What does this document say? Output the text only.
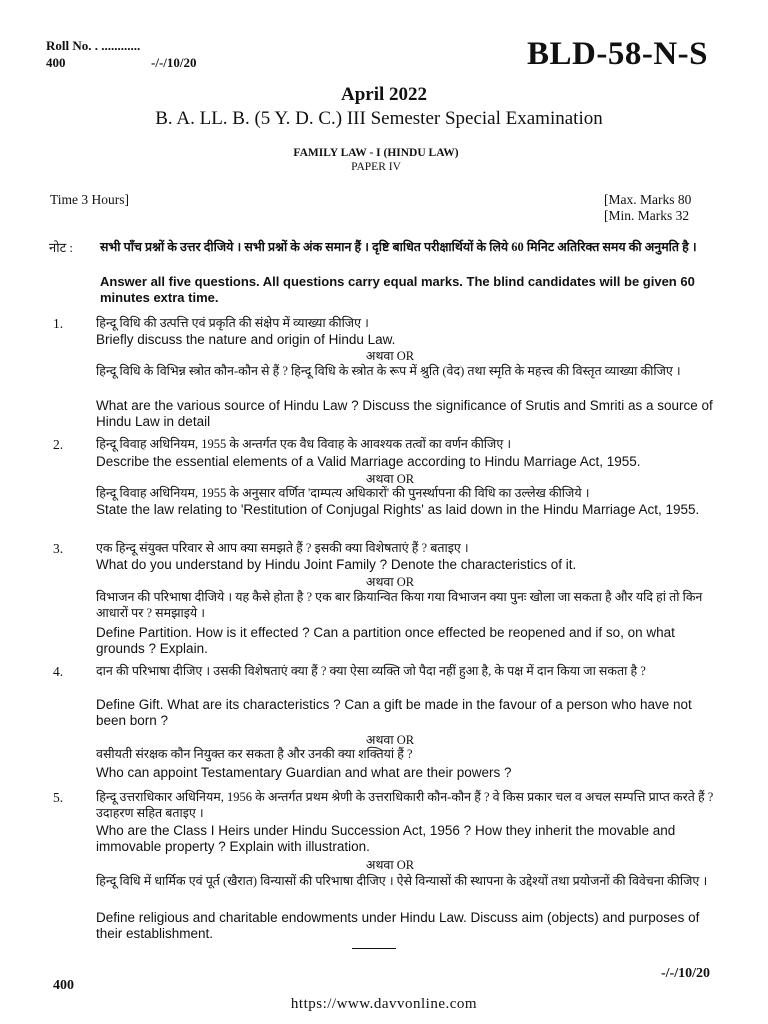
Roll No. . ............
400	-/-/10/20	BLD-58-N-S
April 2022
B. A. LL. B. (5 Y. D. C.) III Semester Special Examination
FAMILY LAW - I (HINDU LAW)
PAPER IV
Time 3 Hours]	[Max. Marks 80
[Min. Marks 32
नोट : सभी पाँच प्रश्नों के उत्तर दीजिये । सभी प्रश्नों के अंक समान हैं । दृष्टि बाधित परीक्षार्थियों के लिये 60 मिनिट अतिरिक्त समय की अनुमति है ।
Answer all five questions. All questions carry equal marks. The blind candidates will be given 60 minutes extra time.
1.	हिन्दू विधि की उत्पत्ति एवं प्रकृति की संक्षेप में व्याख्या कीजिए ।
Briefly discuss the nature and origin of Hindu Law.
अथवा OR
हिन्दू विधि के विभिन्न स्त्रोत कौन-कौन से हैं ? हिन्दू विधि के स्त्रोत के रूप में श्रुति (वेद) तथा स्मृति के महत्त्व की विस्तृत व्याख्या कीजिए ।
What are the various source of Hindu Law ? Discuss the significance of Srutis and Smriti as a source of Hindu Law in detail
2.	हिन्दू विवाह अधिनियम, 1955 के अन्तर्गत एक वैध विवाह के आवश्यक तत्वों का वर्णन कीजिए ।
Describe the essential elements of a Valid Marriage according to Hindu Marriage Act, 1955.
अथवा OR
हिन्दू विवाह अधिनियम, 1955 के अनुसार वर्णित 'दाम्पत्य अधिकारों' की पुनर्स्थापना की विधि का उल्लेख कीजिये ।
State the law relating to 'Restitution of Conjugal Rights' as laid down in the Hindu Marriage Act, 1955.
3.	एक हिन्दू संयुक्त परिवार से आप क्या समझते हैं ? इसकी क्या विशेषताएं हैं ? बताइए ।
What do you understand by Hindu Joint Family ? Denote the characteristics of it.
अथवा OR
विभाजन की परिभाषा दीजिये । यह कैसे होता है ? एक बार क्रियान्वित किया गया विभाजन क्या पुनः खोला जा सकता है और यदि हां तो किन आधारों पर ? समझाइये ।
Define Partition. How is it effected ? Can a partition once effected be reopened and if so, on what grounds ? Explain.
4.	दान की परिभाषा दीजिए । उसकी विशेषताएं क्या हैं ? क्या ऐसा व्यक्ति जो पैदा नहीं हुआ है, के पक्ष में दान किया जा सकता है ?
Define Gift. What are its characteristics ? Can a gift be made in the favour of a person who have not been born ?
अथवा OR
वसीयती संरक्षक कौन नियुक्त कर सकता है और उनकी क्या शक्तियां हैं ?
Who can appoint Testamentary Guardian and what are their powers ?
5.	हिन्दू उत्तराधिकार अधिनियम, 1956 के अन्तर्गत प्रथम श्रेणी के उत्तराधिकारी कौन-कौन हैं ? वे किस प्रकार चल व अचल सम्पत्ति प्राप्त करते हैं ? उदाहरण सहित बताइए ।
Who are the Class I Heirs under Hindu Succession Act, 1956 ? How they inherit the movable and immovable property ? Explain with illustration.
अथवा OR
हिन्दू विधि में धार्मिक एवं पूर्त (खैरात) विन्यासों की परिभाषा दीजिए । ऐसे विन्यासों की स्थापना के उद्देश्यों तथा प्रयोजनों की विवेचना कीजिए ।
Define religious and charitable endowments under Hindu Law. Discuss aim (objects) and purposes of their establishment.
400
-/-/10/20
https://www.davvonline.com
